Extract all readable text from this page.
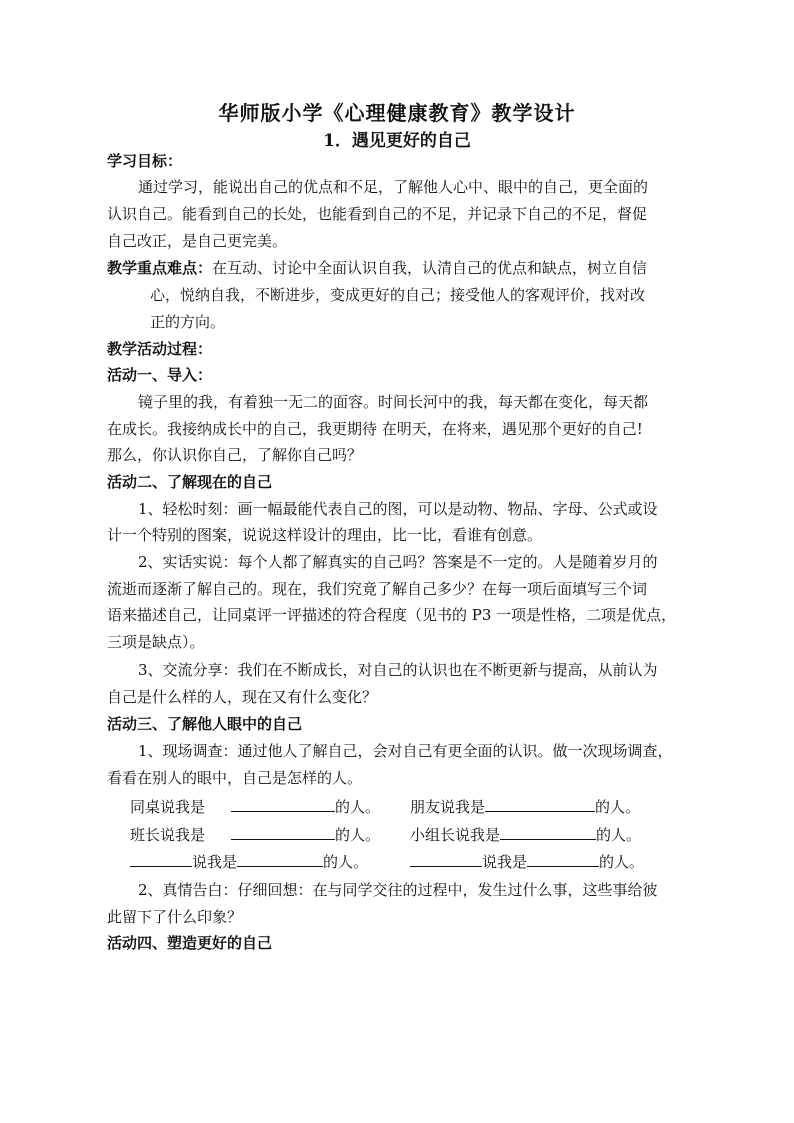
华师版小学《心理健康教育》教学设计
1．遇见更好的自己
学习目标：
通过学习，能说出自己的优点和不足，了解他人心中、眼中的自己，更全面的
认识自己。能看到自己的长处，也能看到自己的不足，并记录下自己的不足，督促
自己改正，是自己更完美。
教学重点难点：在互动、讨论中全面认识自我，认清自己的优点和缺点，树立自信
心，悦纳自我，不断进步，变成更好的自己；接受他人的客观评价，找对改
正的方向。
教学活动过程：
活动一、导入：
镜子里的我，有着独一无二的面容。时间长河中的我，每天都在变化，每天都
在成长。我接纳成长中的自己，我更期待 在明天，在将来，遇见那个更好的自己!
那么，你认识你自己，了解你自己吗？
活动二、了解现在的自己
1、轻松时刻：画一幅最能代表自己的图，可以是动物、物品、字母、公式或设
计一个特别的图案，说说这样设计的理由，比一比，看谁有创意。
2、实话实说：每个人都了解真实的自己吗？答案是不一定的。人是随着岁月的
流逝而逐渐了解自己的。现在，我们究竟了解自己多少？在每一项后面填写三个词
语来描述自己，让同桌评一评描述的符合程度（见书的 P3 一项是性格，二项是优点，
三项是缺点）。
3、交流分享：我们在不断成长，对自己的认识也在不断更新与提高，从前认为
自己是什么样的人，现在又有什么变化？
活动三、了解他人眼中的自己
1、现场调查：通过他人了解自己，会对自己有更全面的认识。做一次现场调查，
看看在别人的眼中，自己是怎样的人。
同桌说我是	的人。 朋友说我是	的人。
班长说我是	的人。 小组长说我是	的人。
说我是	的人。	说我是	的人。
2、真情告白：仔细回想：在与同学交往的过程中，发生过什么事，这些事给彼
此留下了什么印象？
活动四、塑造更好的自己
